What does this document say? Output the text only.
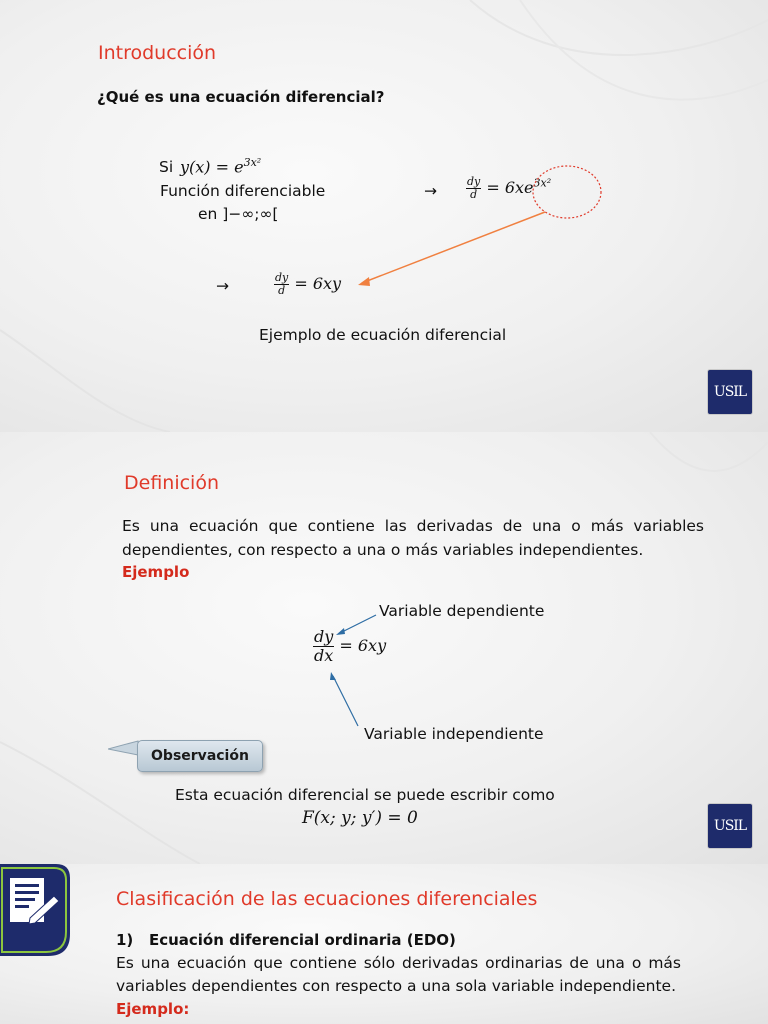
Introducción
¿Qué es una ecuación diferencial?
Si $y(x) = e^{3x^2}$
Función diferenciable
en ]−∞;∞[
→	$\frac{dy}{d} = 6xe^{3x^2}$
→	$\frac{dy}{d} = 6xy$
Ejemplo de ecuación diferencial
USIL
Definición
Es una ecuación que contiene las derivadas de una o más variables dependientes, con respecto a una o más variables independientes.
Ejemplo
$\frac{dy}{dx} = 6xy$
Variable dependiente
Variable independiente
Observación
Esta ecuación diferencial se puede escribir como
F(x; y; y′) = 0	USIL
Clasificación de las ecuaciones diferenciales
1)   Ecuación diferencial ordinaria (EDO)
Es una ecuación que contiene sólo derivadas ordinarias de una o más variables dependientes con respecto a una sola variable independiente.
Ejemplo:
